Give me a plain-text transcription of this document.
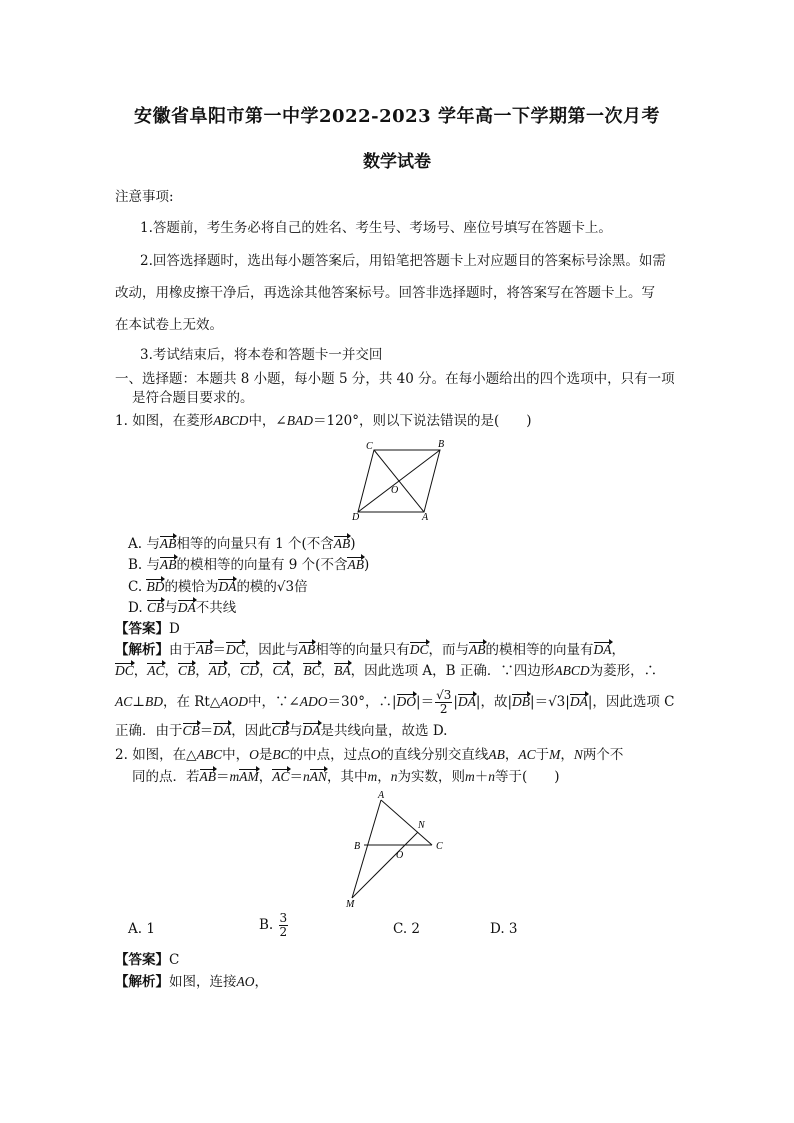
安徽省阜阳市第一中学2022-2023 学年高一下学期第一次月考
数学试卷
注意事项:
1.答题前，考生务必将自己的姓名、考生号、考场号、座位号填写在答题卡上。
2.回答选择题时，选出每小题答案后，用铅笔把答题卡上对应题目的答案标号涂黑。如需
改动，用橡皮擦干净后，再选涂其他答案标号。回答非选择题时，将答案写在答题卡上。写
在本试卷上无效。
3.考试结束后，将本卷和答题卡一并交回
一、选择题：本题共 8 小题，每小题 5 分，共 40 分。在每小题给出的四个选项中，只有一项
是符合题目要求的。
1. 如图，在菱形ABCD中，∠BAD＝120°，则以下说法错误的是(　　)
C	B
D	A
O
A. 与AB相等的向量只有 1 个(不含AB)
B. 与AB的模相等的向量有 9 个(不含AB)
C. BD的模恰为DA的模的√3倍
D. CB与DA不共线
【答案】D
【解析】由于AB＝DC，因此与AB相等的向量只有DC，而与AB的模相等的向量有DA，
DC，AC，CB，AD，CD，CA，BC，BA，因此选项 A，B 正确．∵四边形ABCD为菱形，∴
AC⊥BD，在 Rt△AOD中，∵∠ADO＝30°，∴|DO|＝ $\frac{√3}{2} |DA|$，故|DB|＝√3|DA|，因此选项 C
正确．由于CB＝DA，因此CB与DA是共线向量，故选 D.
2. 如图，在△ABC中，O是BC的中点，过点O的直线分别交直线AB，AC于M，N两个不
同的点．若AB＝mAM，AC＝nAN，其中m，n为实数，则m＋n等于(　　)
A
B	C
N
O
M
A. 1	B. $\frac{3}{2}$	C. 2	D. 3
【答案】C
【解析】如图，连接AO，
